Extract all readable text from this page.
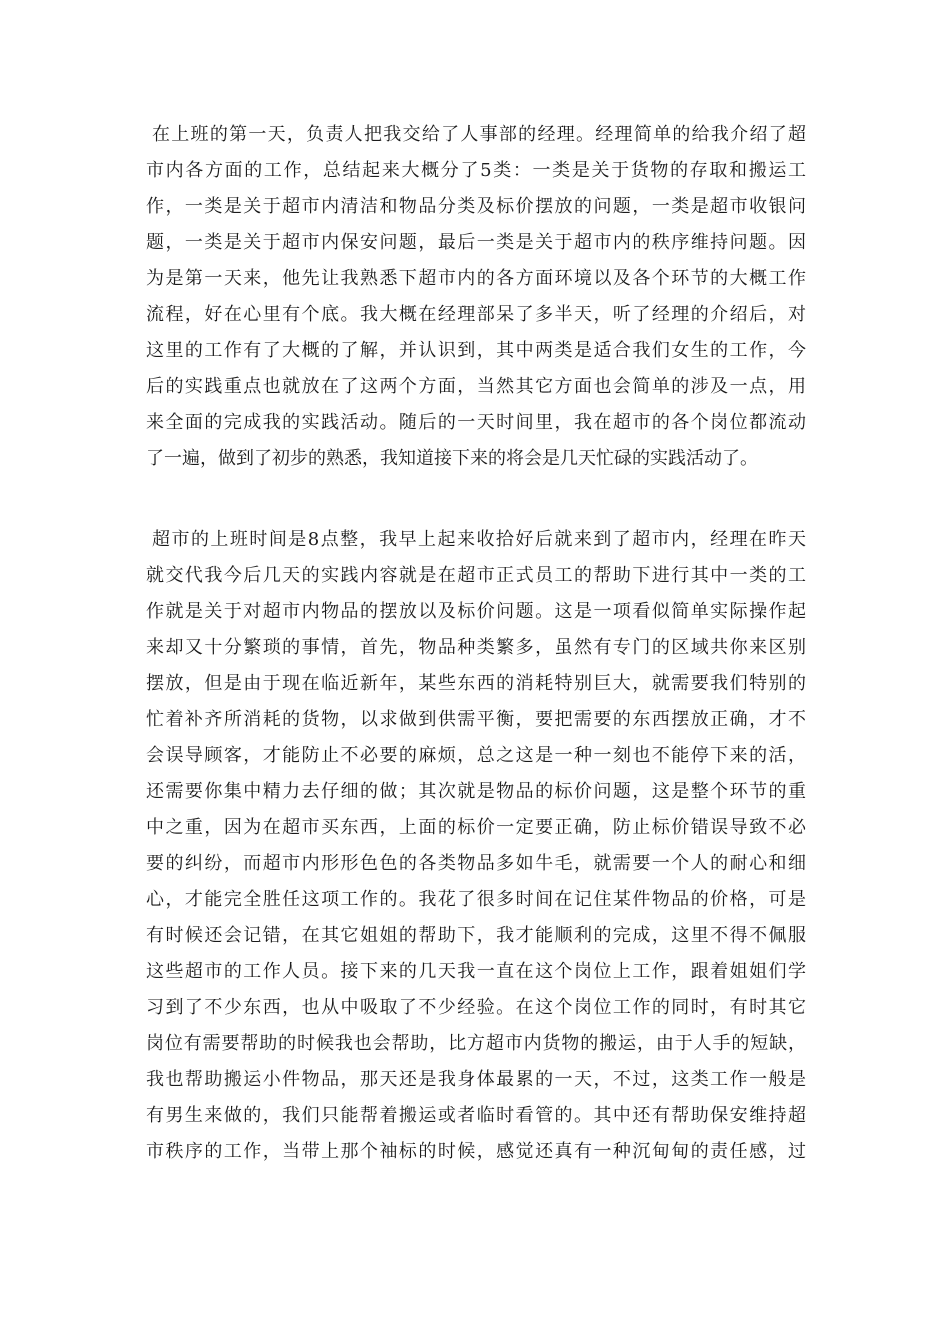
在上班的第一天，负责人把我交给了人事部的经理。经理简单的给我介绍了超
市内各方面的工作，总结起来大概分了5类：一类是关于货物的存取和搬运工
作，一类是关于超市内清洁和物品分类及标价摆放的问题，一类是超市收银问
题，一类是关于超市内保安问题，最后一类是关于超市内的秩序维持问题。因
为是第一天来，他先让我熟悉下超市内的各方面环境以及各个环节的大概工作
流程，好在心里有个底。我大概在经理部呆了多半天，听了经理的介绍后，对
这里的工作有了大概的了解，并认识到，其中两类是适合我们女生的工作，今
后的实践重点也就放在了这两个方面，当然其它方面也会简单的涉及一点，用
来全面的完成我的实践活动。随后的一天时间里，我在超市的各个岗位都流动
了一遍，做到了初步的熟悉，我知道接下来的将会是几天忙碌的实践活动了。
超市的上班时间是8点整，我早上起来收拾好后就来到了超市内，经理在昨天
就交代我今后几天的实践内容就是在超市正式员工的帮助下进行其中一类的工
作就是关于对超市内物品的摆放以及标价问题。这是一项看似简单实际操作起
来却又十分繁琐的事情，首先，物品种类繁多，虽然有专门的区域共你来区别
摆放，但是由于现在临近新年，某些东西的消耗特别巨大，就需要我们特别的
忙着补齐所消耗的货物，以求做到供需平衡，要把需要的东西摆放正确，才不
会误导顾客，才能防止不必要的麻烦，总之这是一种一刻也不能停下来的活，
还需要你集中精力去仔细的做；其次就是物品的标价问题，这是整个环节的重
中之重，因为在超市买东西，上面的标价一定要正确，防止标价错误导致不必
要的纠纷，而超市内形形色色的各类物品多如牛毛，就需要一个人的耐心和细
心，才能完全胜任这项工作的。我花了很多时间在记住某件物品的价格，可是
有时候还会记错，在其它姐姐的帮助下，我才能顺利的完成，这里不得不佩服
这些超市的工作人员。接下来的几天我一直在这个岗位上工作，跟着姐姐们学
习到了不少东西，也从中吸取了不少经验。在这个岗位工作的同时，有时其它
岗位有需要帮助的时候我也会帮助，比方超市内货物的搬运，由于人手的短缺，
我也帮助搬运小件物品，那天还是我身体最累的一天，不过，这类工作一般是
有男生来做的，我们只能帮着搬运或者临时看管的。其中还有帮助保安维持超
市秩序的工作，当带上那个袖标的时候，感觉还真有一种沉甸甸的责任感，过
